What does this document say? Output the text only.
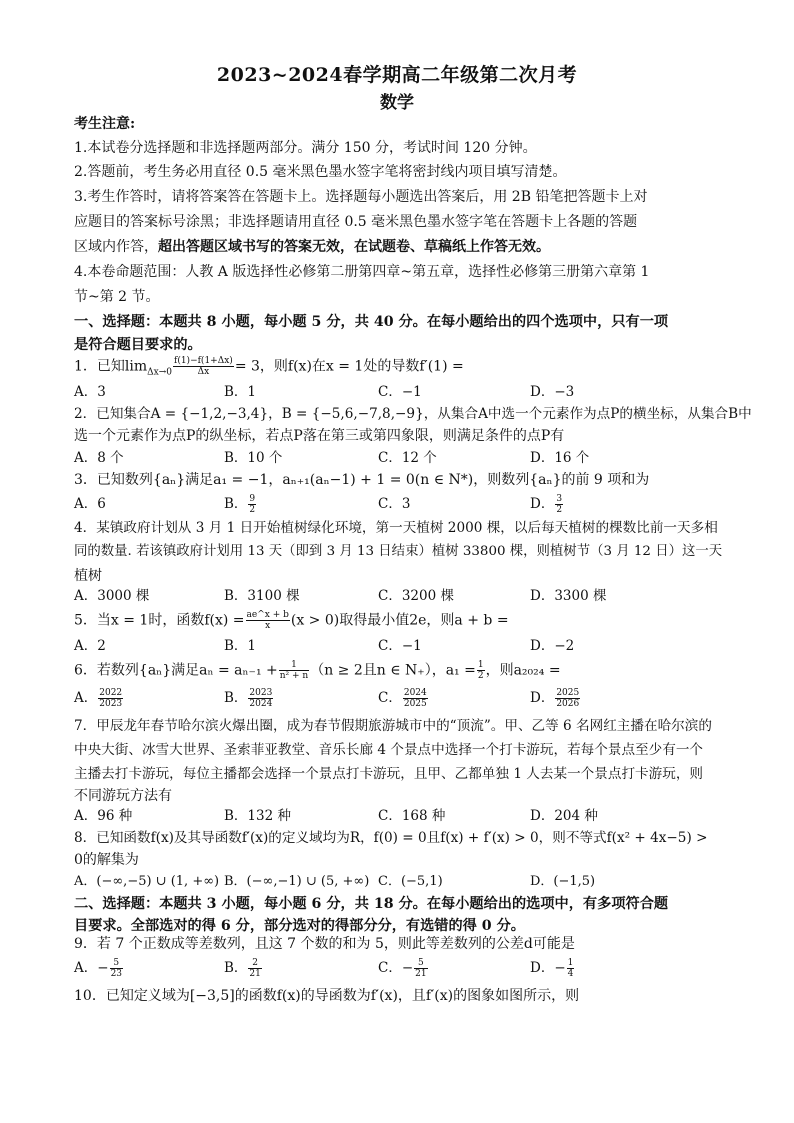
2023~2024春学期高二年级第二次月考
数学
考生注意:
1.本试卷分选择题和非选择题两部分。满分 150 分，考试时间 120 分钟。
2.答题前，考生务必用直径 0.5 毫米黑色墨水签字笔将密封线内项目填写清楚。
3.考生作答时，请将答案答在答题卡上。选择题每小题选出答案后，用 2B 铅笔把答题卡上对
应题目的答案标号涂黑；非选择题请用直径 0.5 毫米黑色墨水签字笔在答题卡上各题的答题
区域内作答，超出答题区域书写的答案无效，在试题卷、草稿纸上作答无效。
4.本卷命题范围：人教 A 版选择性必修第二册第四章~第五章，选择性必修第三册第六章第 1
节~第 2 节。
一、选择题：本题共 8 小题，每小题 5 分，共 40 分。在每小题给出的四个选项中，只有一项
是符合题目要求的。
1．已知$\lim_{\Delta x\to 0} \frac{f(1)-f(1+\Delta x)}{\Delta x} = 3$，则f(x)在x = 1处的导数f′(1) =
A．3	B．1	C．−1	D．−3
2．已知集合A = {−1,2,−3,4}，B = {−5,6,−7,8,−9}，从集合A中选一个元素作为点P的横坐标，从集合B中
选一个元素作为点P的纵坐标，若点P落在第三或第四象限，则满足条件的点P有
A．8 个	B．10 个	C．12 个	D．16 个
3．已知数列{aₙ}满足a₁ = −1，aₙ₊₁(aₙ−1) + 1 = 0(n ∈ N*)，则数列{aₙ}的前 9 项和为
A．6	B． $\frac{9}{2}$	C．3	D． $\frac{3}{2}$
4．某镇政府计划从 3 月 1 日开始植树绿化环境，第一天植树 2000 棵，以后每天植树的棵数比前一天多相
同的数量. 若该镇政府计划用 13 天（即到 3 月 13 日结束）植树 33800 棵，则植树节（3 月 12 日）这一天
植树
A．3000 棵	B．3100 棵	C．3200 棵	D．3300 棵
5．当x = 1时，函数$f(x) = \frac{ae\^{}x + b}{x} (x > 0)$取得最小值2e，则a + b =
A．2	B．1	C．−1	D．−2
6．若数列{aₙ}满足$a_n = a_{n-1} + \frac{1}{\text{n² + n}} (n \ge 2$且n ∈ N₊），$a_1 = \frac{1}{2}$ ，则a₂₀₂₄ =
A． $\frac{2022}{2023}$	B． $\frac{2023}{2024}$	C． $\frac{2024}{2025}$	D． $\frac{2025}{2026}$
7．甲辰龙年春节哈尔滨火爆出圈，成为春节假期旅游城市中的“顶流”。甲、乙等 6 名网红主播在哈尔滨的
中央大街、冰雪大世界、圣索菲亚教堂、音乐长廊 4 个景点中选择一个打卡游玩，若每个景点至少有一个
主播去打卡游玩，每位主播都会选择一个景点打卡游玩，且甲、乙都单独 1 人去某一个景点打卡游玩，则
不同游玩方法有
A．96 种	B．132 种	C．168 种	D．204 种
8．已知函数f(x)及其导函数f′(x)的定义域均为R，f(0) = 0且f(x) + f′(x) > 0，则不等式f(x² + 4x−5) >
0的解集为
A．(−∞,−5) ∪ (1, +∞) B．(−∞,−1) ∪ (5, +∞) C．(−5,1)	D．(−1,5)
二、选择题：本题共 3 小题，每小题 6 分，共 18 分。在每小题给出的选项中，有多项符合题
目要求。全部选对的得 6 分，部分选对的得部分分，有选错的得 0 分。
9．若 7 个正数成等差数列，且这 7 个数的和为 5，则此等差数列的公差d可能是
A．− $\frac{5}{23}$	B． $\frac{2}{21}$	C．− $\frac{5}{21}$	D．− $\frac{1}{4}$
10．已知定义域为[−3,5]的函数f(x)的导函数为f′(x)，且f′(x)的图象如图所示，则
